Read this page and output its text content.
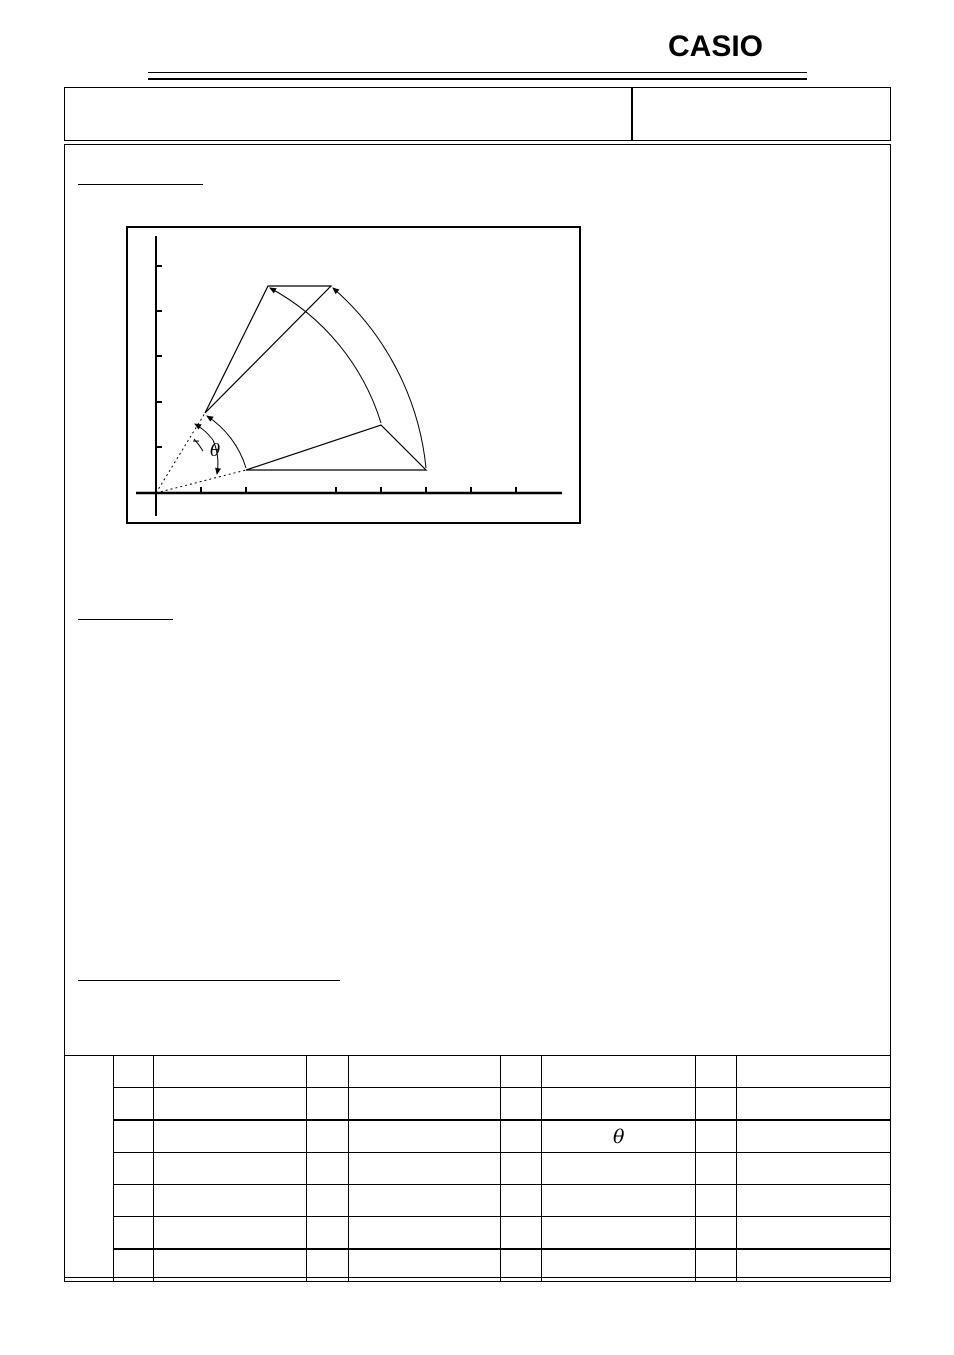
CASIO
θ

						θ		
